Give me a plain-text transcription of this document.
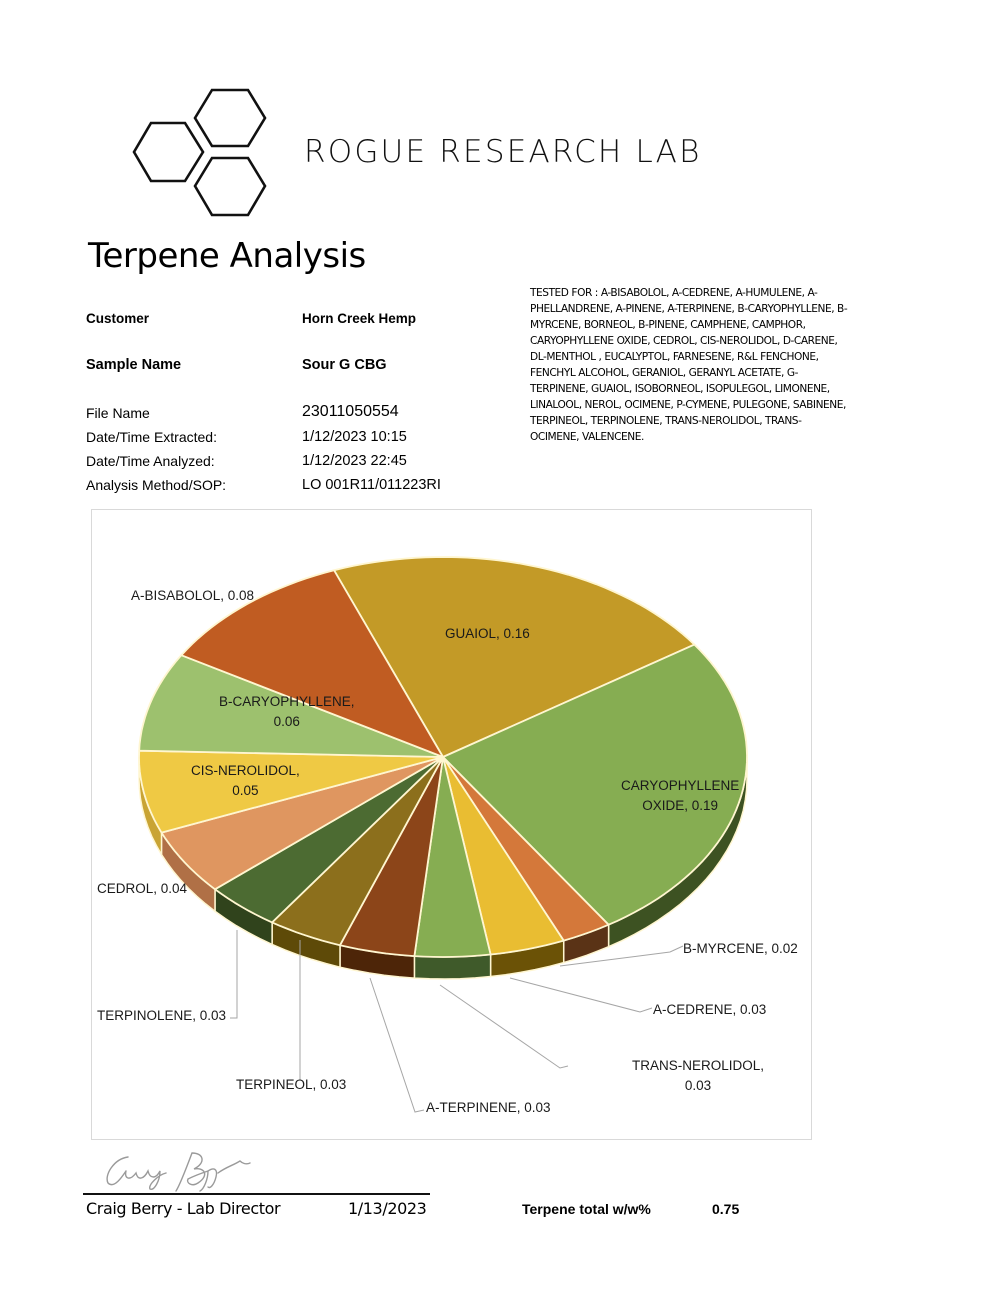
ROGUE RESEARCH LAB
Terpene Analysis
Customer	Horn Creek Hemp
Sample Name	Sour G CBG
File Name	23011050554
Date/Time Extracted:	1/12/2023 10:15
Date/Time Analyzed:	1/12/2023 22:45
Analysis Method/SOP:	LO 001R11/011223RI
TESTED FOR : A-BISABOLOL, A-CEDRENE, A-HUMULENE, A-PHELLANDRENE, A-PINENE, A-TERPINENE, B-CARYOPHYLLENE, B-MYRCENE, BORNEOL, B-PINENE, CAMPHENE, CAMPHOR, CARYOPHYLLENE OXIDE, CEDROL, CIS-NEROLIDOL, D-CARENE, DL-MENTHOL , EUCALYPTOL, FARNESENE, R&L FENCHONE, FENCHYL ALCOHOL, GERANIOL, GERANYL ACETATE, G-TERPINENE, GUAIOL, ISOBORNEOL, ISOPULEGOL, LIMONENE, LINALOOL, NEROL, OCIMENE, P-CYMENE, PULEGONE, SABINENE, TERPINEOL, TERPINOLENE, TRANS-NEROLIDOL, TRANS-OCIMENE, VALENCENE.
GUAIOL, 0.16
CARYOPHYLLENE
OXIDE, 0.19
B-MYRCENE, 0.02
A-CEDRENE, 0.03
TRANS-NEROLIDOL,
0.03
A-TERPINENE, 0.03
TERPINEOL, 0.03
TERPINOLENE, 0.03
CEDROL, 0.04
CIS-NEROLIDOL,
0.05
B-CARYOPHYLLENE,
0.06
A-BISABOLOL, 0.08
Craig Berry - Lab Director	1/13/2023	Terpene total w/w%	0.75
